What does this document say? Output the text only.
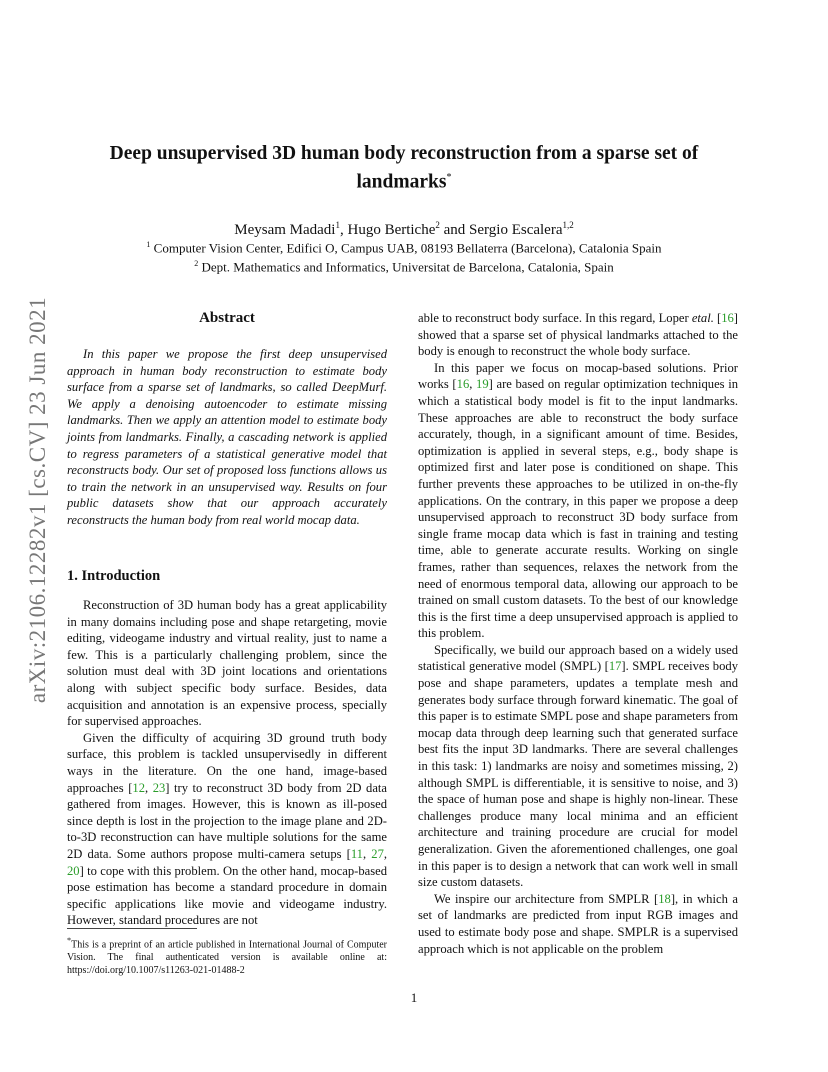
arXiv:2106.12282v1 [cs.CV] 23 Jun 2021
Deep unsupervised 3D human body reconstruction from a sparse set of landmarks*
Meysam Madadi$^1$, Hugo Bertiche$^2$ and Sergio Escalera$^{1,2}$
$^1$ Computer Vision Center, Edifici O, Campus UAB, 08193 Bellaterra (Barcelona), Catalonia Spain
$^2$ Dept. Mathematics and Informatics, Universitat de Barcelona, Catalonia, Spain
Abstract

In this paper we propose the first deep unsupervised approach in human body reconstruction to estimate body surface from a sparse set of landmarks, so called DeepMurf. We apply a denoising autoencoder to estimate missing landmarks. Then we apply an attention model to estimate body joints from landmarks. Finally, a cascading network is applied to regress parameters of a statistical generative model that reconstructs body. Our set of proposed loss functions allows us to train the network in an unsupervised way. Results on four public datasets show that our approach accurately reconstructs the human body from real world mocap data.

1. Introduction

Reconstruction of 3D human body has a great applicability in many domains including pose and shape retargeting, movie editing, videogame industry and virtual reality, just to name a few. This is a particularly challenging problem, since the solution must deal with 3D joint locations and orientations along with subject specific body surface. Besides, data acquisition and annotation is an expensive process, specially for supervised approaches.

Given the difficulty of acquiring 3D ground truth body surface, this problem is tackled unsupervisedly in different ways in the literature. On the one hand, image-based approaches [12, 23] try to reconstruct 3D body from 2D data gathered from images. However, this is known as ill-posed since depth is lost in the projection to the image plane and 2D-to-3D reconstruction can have multiple solutions for the same 2D data. Some authors propose multi-camera setups [11, 27, 20] to cope with this problem. On the other hand, mocap-based pose estimation has become a standard procedure in domain specific applications like movie and videogame industry. However, standard procedures are not

able to reconstruct body surface. In this regard, Loper etal. [16] showed that a sparse set of physical landmarks attached to the body is enough to reconstruct the whole body surface.

In this paper we focus on mocap-based solutions. Prior works [16, 19] are based on regular optimization techniques in which a statistical body model is fit to the input landmarks. These approaches are able to reconstruct the body surface accurately, though, in a significant amount of time. Besides, optimization is applied in several steps, e.g., body shape is optimized first and later pose is conditioned on shape. This further prevents these approaches to be utilized in on-the-fly applications. On the contrary, in this paper we propose a deep unsupervised approach to reconstruct 3D body surface from single frame mocap data which is fast in training and testing time, able to generate accurate results. Working on single frames, rather than sequences, relaxes the network from the need of enormous temporal data, allowing our approach to be trained on small custom datasets. To the best of our knowledge this is the first time a deep unsupervised approach is applied to this problem.

Specifically, we build our approach based on a widely used statistical generative model (SMPL) [17]. SMPL receives body pose and shape parameters, updates a template mesh and generates body surface through forward kinematic. The goal of this paper is to estimate SMPL pose and shape parameters from mocap data through deep learning such that generated surface best fits the input 3D landmarks. There are several challenges in this task: 1) landmarks are noisy and sometimes missing, 2) although SMPL is differentiable, it is sensitive to noise, and 3) the space of human pose and shape is highly non-linear. These challenges produce many local minima and an efficient architecture and training procedure are crucial for model generalization. Given the aforementioned challenges, one goal in this paper is to design a network that can work well in small size custom datasets.

We inspire our architecture from SMPLR [18], in which a set of landmarks are predicted from input RGB images and used to estimate body pose and shape. SMPLR is a supervised approach which is not applicable on the problem

*This is a preprint of an article published in International Journal of Computer Vision. The final authenticated version is available online at: https://doi.org/10.1007/s11263-021-01488-2
1
